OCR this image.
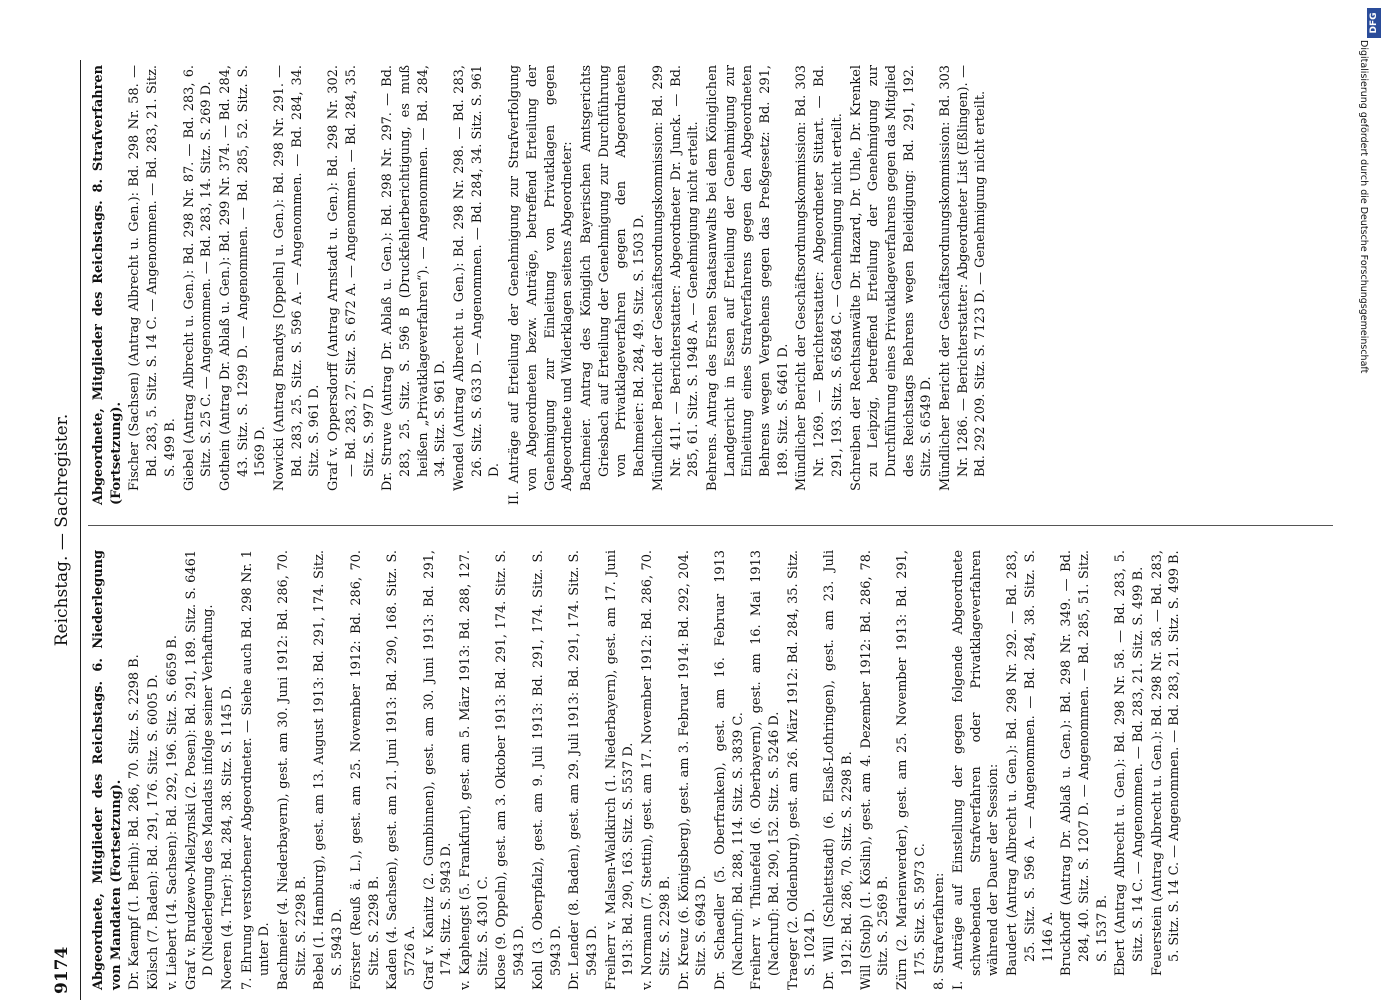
9174
Reichstag. — Sachregister.
Abgeordnete, Mitglieder des Reichstags. 6. Niederlegung von Mandaten (Fortsetzung). Dr. Kaempf (1. Berlin): Bd. 286, 70. Sitz. S. 2298 B. Kölsch (7. Baden): Bd. 291, 176. Sitz. S. 6005 D. v. Liebert (14. Sachsen): Bd. 292, 196. Sitz. S. 6659 B. Graf v. Brudzewo-Mielzynski (2. Posen): Bd. 291, 189. Sitz. S. 6461 D (Niederlegung des Mandats infolge seiner Verhaftung. Noeren (4. Trier): Bd. 284, 38. Sitz. S. 1145 D. 7. Ehrung verstorbener Abgeordneter. — Siehe auch Bd. 298 Nr. 1 unter D. Bachmeier (4. Niederbayern), gest. am 30. Juni 1912: Bd. 286, 70. Sitz. S. 2298 B. Bebel (1. Hamburg), gest. am 13. August 1913: Bd. 291, 174. Sitz. S. 5943 D. Förster (Reuß ä. L.), gest. am 25. November 1912: Bd. 286, 70. Sitz. S. 2298 B. Kaden (4. Sachsen), gest. am 21. Juni 1913: Bd. 290, 168. Sitz. S. 5726 A. Graf v. Kanitz (2. Gumbinnen), gest. am 30. Juni 1913: Bd. 291, 174. Sitz. S. 5943 D. v. Kaphengst (5. Frankfurt), gest. am 5. März 1913: Bd. 288, 127. Sitz. S. 4301 C. Klose (9. Oppeln), gest. am 3. Oktober 1913: Bd. 291, 174. Sitz. S. 5943 D. Kohl (3. Oberpfalz), gest. am 9. Juli 1913: Bd. 291, 174. Sitz. S. 5943 D. Dr. Lender (8. Baden), gest. am 29. Juli 1913: Bd. 291, 174. Sitz. S. 5943 D. Freiherr v. Malsen-Waldkirch (1. Niederbayern), gest. am 17. Juni 1913: Bd. 290, 163. Sitz. S. 5537 D. v. Normann (7. Stettin), gest. am 17. November 1912: Bd. 286, 70. Sitz. S. 2298 B. Dr. Kreuz (6. Königsberg), gest. am 3. Februar 1914: Bd. 292, 204. Sitz. S. 6943 D. Dr. Schaedler (5. Oberfranken), gest. am 16. Februar 1913 (Nachruf): Bd. 288, 114. Sitz. S. 3839 C. Freiherr v. Thünefeld (6. Oberbayern), gest. am 16. Mai 1913 (Nachruf): Bd. 290, 152. Sitz. S. 5246 D. Traeger (2. Oldenburg), gest. am 26. März 1912: Bd. 284, 35. Sitz. S. 1024 D. Dr. Will (Schlettstadt) (6. Elsaß-Lothringen), gest. am 23. Juli 1912: Bd. 286, 70. Sitz. S. 2298 B. Will (Stolp) (1. Köslin), gest. am 4. Dezember 1912: Bd. 286, 78. Sitz. S. 2569 B. Zürn (2. Marienwerder), gest. am 25. November 1913: Bd. 291, 175. Sitz. S. 5973 C. 8. Strafverfahren: I. Anträge auf Einstellung der gegen folgende Abgeordnete schwebenden Strafverfahren oder Privatklageverfahren während der Dauer der Session: Baudert (Antrag Albrecht u. Gen.): Bd. 298 Nr. 292. — Bd. 283, 25. Sitz. S. 596 A. — Angenommen. — Bd. 284, 38. Sitz. S. 1146 A. Bruckhoff (Antrag Dr. Ablaß u. Gen.): Bd. 298 Nr. 349. — Bd. 284, 40. Sitz. S. 1207 D. — Angenommen. — Bd. 285, 51. Sitz. S. 1537 B. Ebert (Antrag Albrecht u. Gen.): Bd. 298 Nr. 58. — Bd. 283, 5. Sitz. S. 14 C. — Angenommen. — Bd. 283, 21. Sitz. S. 499 B. Feuerstein (Antrag Albrecht u. Gen.): Bd. 298 Nr. 58. — Bd. 283, 5. Sitz. S. 14 C. — Angenommen. — Bd. 283, 21. Sitz. S. 499 B.
Abgeordnete, Mitglieder des Reichstags. 8. Strafverfahren (Fortsetzung). Fischer (Sachsen) (Antrag Albrecht u. Gen.): Bd. 298 Nr. 58. — Bd. 283, 5. Sitz. S. 14 C. — Angenommen. — Bd. 283, 21. Sitz. S. 499 B. Giebel (Antrag Albrecht u. Gen.): Bd. 298 Nr. 87. — Bd. 283, 6. Sitz. S. 25 C. — Angenommen. — Bd. 283, 14. Sitz. S. 269 D. Gothein (Antrag Dr. Ablaß u. Gen.): Bd. 299 Nr. 374. — Bd. 284, 43. Sitz. S. 1299 D. — Angenommen. — Bd. 285, 52. Sitz. S. 1569 D. Nowicki (Antrag Brandys [Oppeln] u. Gen.): Bd. 298 Nr. 291. — Bd. 283, 25. Sitz. S. 596 A. — Angenommen. — Bd. 284, 34. Sitz. S. 961 D. Graf v. Oppersdorff (Antrag Arnstadt u. Gen.): Bd. 298 Nr. 302. — Bd. 283, 27. Sitz. S. 672 A. — Angenommen. — Bd. 284, 35. Sitz. S. 997 D. Dr. Struve (Antrag Dr. Ablaß u. Gen.): Bd. 298 Nr. 297. — Bd. 283, 25. Sitz. S. 596 B (Druckfehlerberichtigung, es muß heißen „Privatklageverfahren“). — Angenommen. — Bd. 284, 34. Sitz. S. 961 D. Wendel (Antrag Albrecht u. Gen.): Bd. 298 Nr. 298. — Bd. 283, 26. Sitz. S. 633 D. — Angenommen. — Bd. 284, 34. Sitz. S. 961 D. II. Anträge auf Erteilung der Genehmigung zur Strafverfolgung von Abgeordneten bezw. Anträge, betreffend Erteilung der Genehmigung zur Einleitung von Privatklagen gegen Abgeordnete und Widerklagen seitens Abgeordneter: Bachmeier. Antrag des Königlich Bayerischen Amtsgerichts Griesbach auf Erteilung der Genehmigung zur Durchführung von Privatklageverfahren gegen den Abgeordneten Bachmeier: Bd. 284, 49. Sitz. S. 1503 D. Mündlicher Bericht der Geschäftsordnungskommission: Bd. 299 Nr. 411. — Berichterstatter: Abgeordneter Dr. Junck. — Bd. 285, 61. Sitz. S. 1948 A. — Genehmigung nicht erteilt. Behrens. Antrag des Ersten Staatsanwalts bei dem Königlichen Landgericht in Essen auf Erteilung der Genehmigung zur Einleitung eines Strafverfahrens gegen den Abgeordneten Behrens wegen Vergehens gegen das Preßgesetz: Bd. 291, 189. Sitz. S. 6461 D. Mündlicher Bericht der Geschäftsordnungskommission: Bd. 303 Nr. 1269. — Berichterstatter: Abgeordneter Sittart. — Bd. 291, 193. Sitz. S. 6584 C. — Genehmigung nicht erteilt. Schreiben der Rechtsanwälte Dr. Hazard, Dr. Uhle, Dr. Krenkel zu Leipzig, betreffend Erteilung der Genehmigung zur Durchführung eines Privatklageverfahrens gegen das Mitglied des Reichstags Behrens wegen Beleidigung: Bd. 291, 192. Sitz. S. 6549 D. Mündlicher Bericht der Geschäftsordnungskommission: Bd. 303 Nr. 1286. — Berichterstatter: Abgeordneter List (Eßlingen). — Bd. 292 209. Sitz. S. 7123 D. — Genehmigung nicht erteilt.
DFG
Digitalisierung gefördert durch die Deutsche Forschungsgemeinschaft
